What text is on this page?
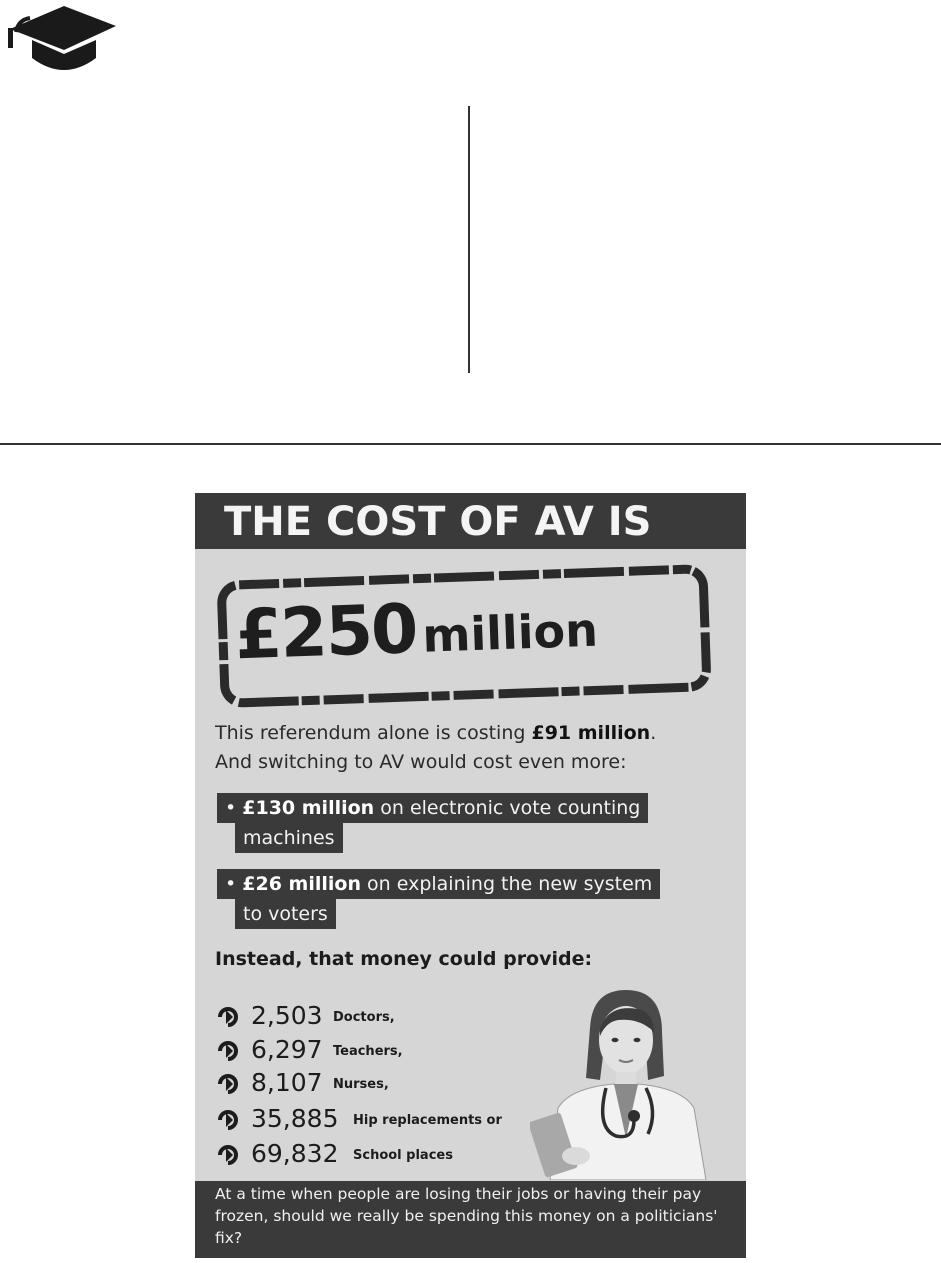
THE COST OF AV IS
£250million
This referendum alone is costing £91 million.
And switching to AV would cost even more:
• £130 million on electronic vote counting
machines
• £26 million on explaining the new system
to voters
Instead, that money could provide:
2,503 Doctors,
6,297 Teachers,
8,107 Nurses,
35,885 Hip replacements or
69,832 School places
At a time when people are losing their jobs or having their pay frozen, should we really be spending this money on a politicians' fix?
